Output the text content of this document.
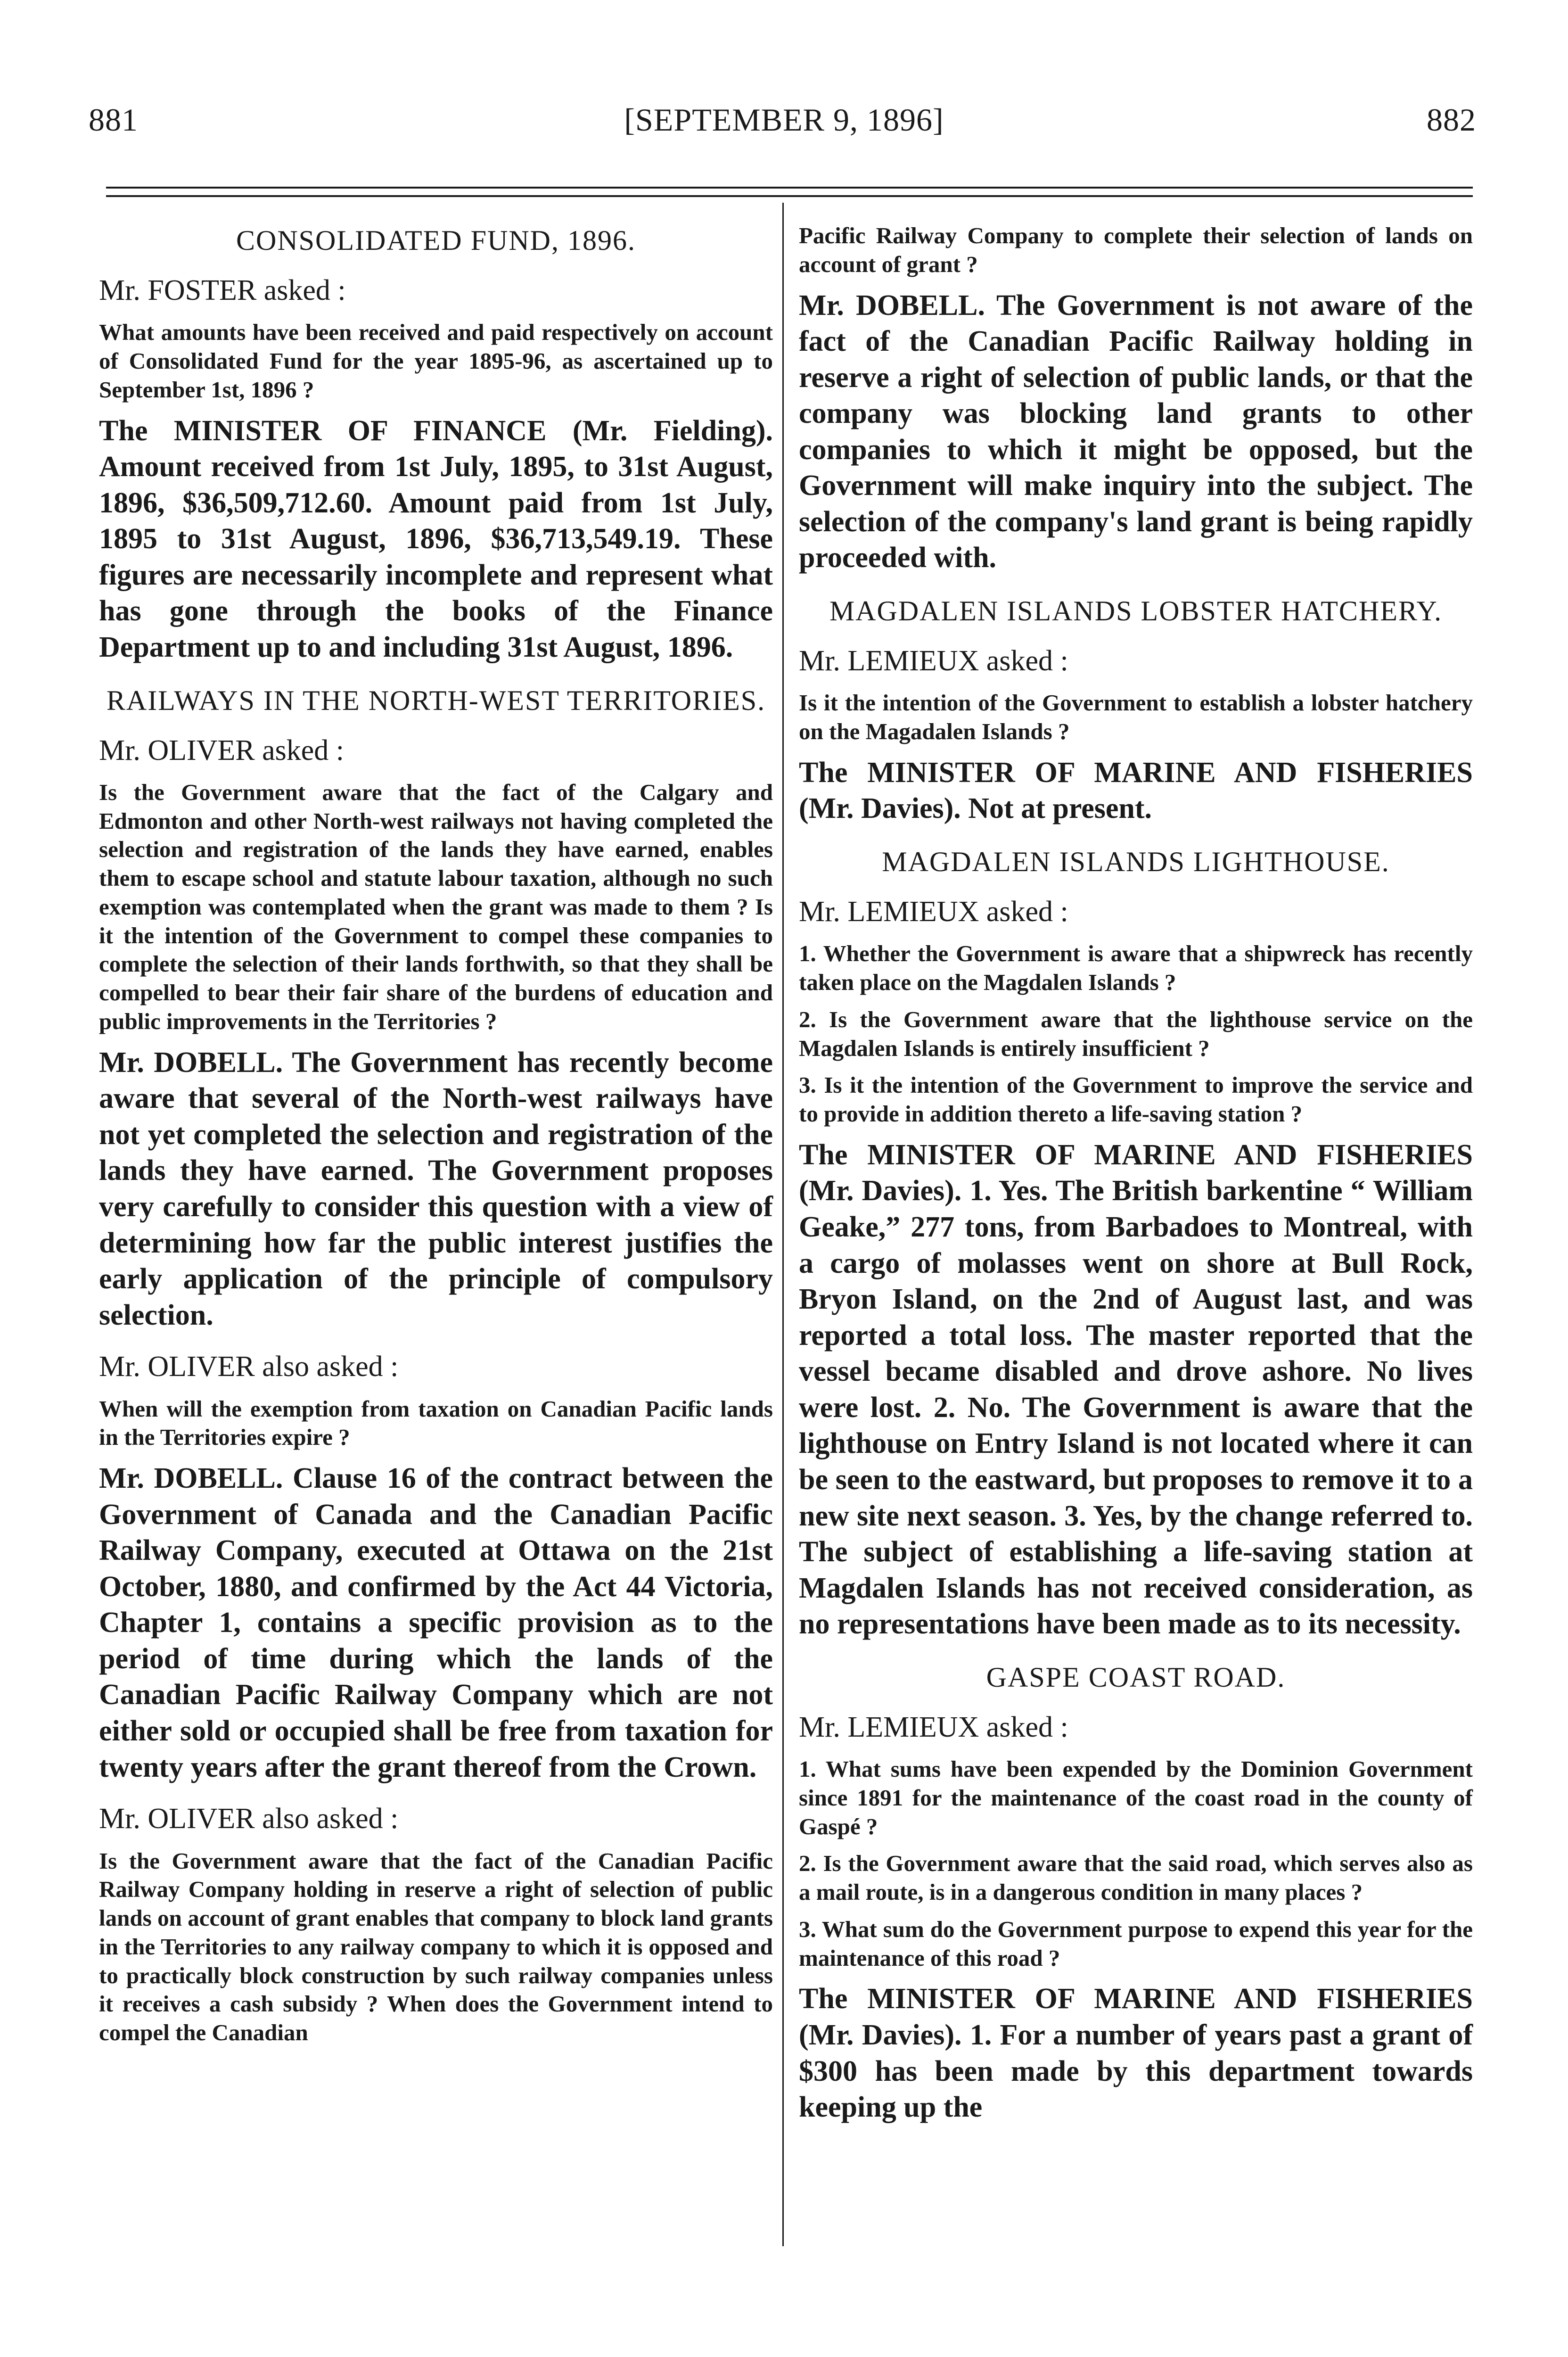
881	[SEPTEMBER 9, 1896]	882
CONSOLIDATED FUND, 1896.
Mr. FOSTER asked :
What amounts have been received and paid respectively on account of Consolidated Fund for the year 1895-96, as ascertained up to September 1st, 1896 ?
The MINISTER OF FINANCE (Mr. Fielding). Amount received from 1st July, 1895, to 31st August, 1896, $36,509,712.60. Amount paid from 1st July, 1895 to 31st August, 1896, $36,713,549.19. These figures are necessarily incomplete and represent what has gone through the books of the Finance Department up to and including 31st August, 1896.
RAILWAYS IN THE NORTH-WEST TERRITORIES.
Mr. OLIVER asked :
Is the Government aware that the fact of the Calgary and Edmonton and other North-west railways not having completed the selection and registration of the lands they have earned, enables them to escape school and statute labour taxation, although no such exemption was contemplated when the grant was made to them ? Is it the intention of the Government to compel these companies to complete the selection of their lands forthwith, so that they shall be compelled to bear their fair share of the burdens of education and public improvements in the Territories ?
Mr. DOBELL. The Government has recently become aware that several of the North-west railways have not yet completed the selection and registration of the lands they have earned. The Government proposes very carefully to consider this question with a view of determining how far the public interest justifies the early application of the principle of compulsory selection.
Mr. OLIVER also asked :
When will the exemption from taxation on Canadian Pacific lands in the Territories expire ?
Mr. DOBELL. Clause 16 of the contract between the Government of Canada and the Canadian Pacific Railway Company, executed at Ottawa on the 21st October, 1880, and confirmed by the Act 44 Victoria, Chapter 1, contains a specific provision as to the period of time during which the lands of the Canadian Pacific Railway Company which are not either sold or occupied shall be free from taxation for twenty years after the grant thereof from the Crown.
Mr. OLIVER also asked :
Is the Government aware that the fact of the Canadian Pacific Railway Company holding in reserve a right of selection of public lands on account of grant enables that company to block land grants in the Territories to any railway company to which it is opposed and to practically block construction by such railway companies unless it receives a cash subsidy ? When does the Government intend to compel the Canadian
Pacific Railway Company to complete their selection of lands on account of grant ?
Mr. DOBELL. The Government is not aware of the fact of the Canadian Pacific Railway holding in reserve a right of selection of public lands, or that the company was blocking land grants to other companies to which it might be opposed, but the Government will make inquiry into the subject. The selection of the company's land grant is being rapidly proceeded with.
MAGDALEN ISLANDS LOBSTER HATCHERY.
Mr. LEMIEUX asked :
Is it the intention of the Government to establish a lobster hatchery on the Magadalen Islands ?
The MINISTER OF MARINE AND FISHERIES (Mr. Davies). Not at present.
MAGDALEN ISLANDS LIGHTHOUSE.
Mr. LEMIEUX asked :
1. Whether the Government is aware that a shipwreck has recently taken place on the Magdalen Islands ?
2. Is the Government aware that the lighthouse service on the Magdalen Islands is entirely insufficient ?
3. Is it the intention of the Government to improve the service and to provide in addition thereto a life-saving station ?
The MINISTER OF MARINE AND FISHERIES (Mr. Davies). 1. Yes. The British barkentine “ William Geake,” 277 tons, from Barbadoes to Montreal, with a cargo of molasses went on shore at Bull Rock, Bryon Island, on the 2nd of August last, and was reported a total loss. The master reported that the vessel became disabled and drove ashore. No lives were lost. 2. No. The Government is aware that the lighthouse on Entry Island is not located where it can be seen to the eastward, but proposes to remove it to a new site next season. 3. Yes, by the change referred to. The subject of establishing a life-saving station at Magdalen Islands has not received consideration, as no representations have been made as to its necessity.
GASPE COAST ROAD.
Mr. LEMIEUX asked :
1. What sums have been expended by the Dominion Government since 1891 for the maintenance of the coast road in the county of Gaspé ?
2. Is the Government aware that the said road, which serves also as a mail route, is in a dangerous condition in many places ?
3. What sum do the Government purpose to expend this year for the maintenance of this road ?
The MINISTER OF MARINE AND FISHERIES (Mr. Davies). 1. For a number of years past a grant of $300 has been made by this department towards keeping up the
